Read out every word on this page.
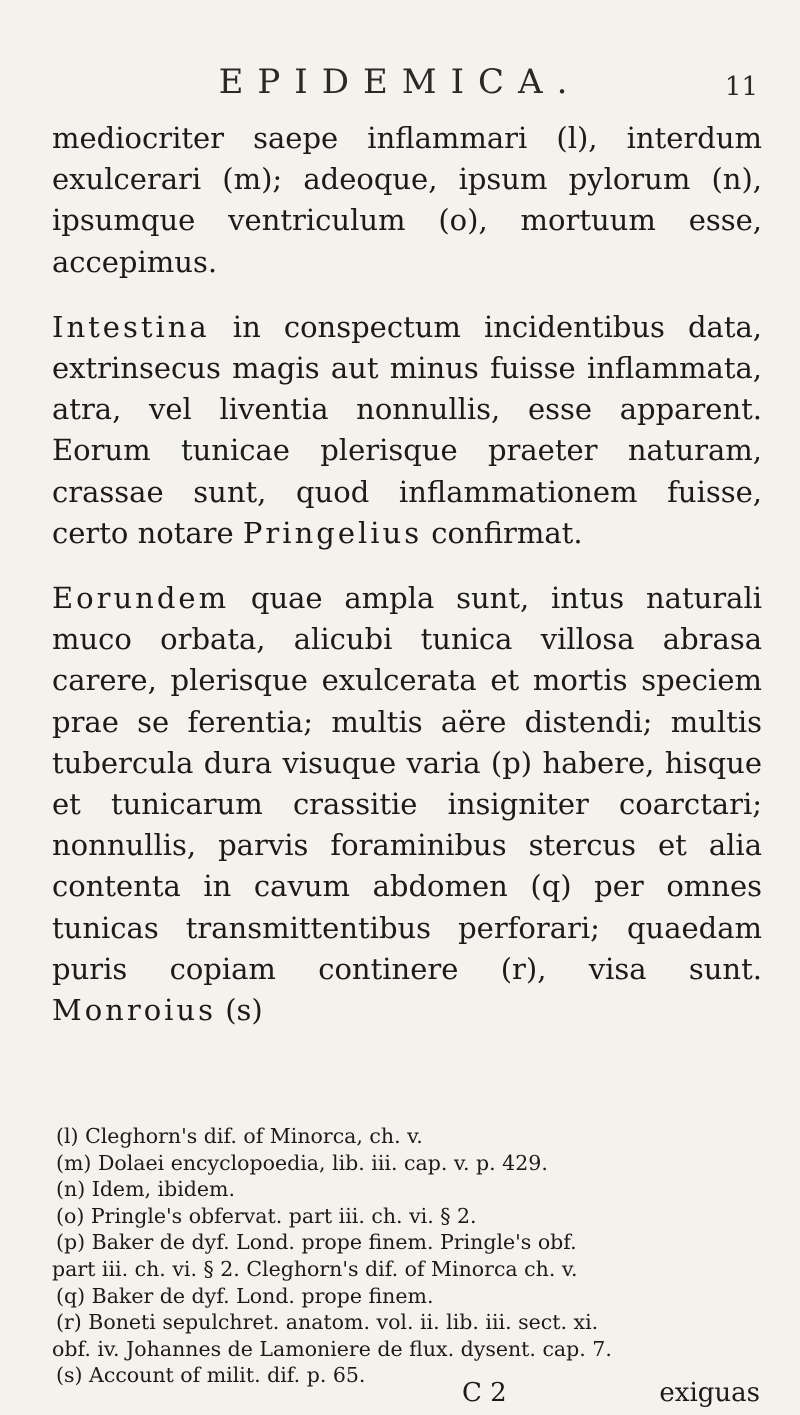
EPIDEMICA.	11

mediocriter saepe inflammari (l), interdum exulcerari (m); adeoque, ipsum pylorum (n), ipsumque ventriculum (o), mortuum esse, accepimus.

Intestina in conspectum incidentibus data, extrinsecus magis aut minus fuisse inflammata, atra, vel liventia nonnullis, esse apparent. Eorum tunicae plerisque praeter naturam, crassae sunt, quod inflammationem fuisse, certo notare Pringelius confirmat.

Eorundem quae ampla sunt, intus naturali muco orbata, alicubi tunica villosa abrasa carere, plerisque exulcerata et mortis speciem prae se ferentia; multis aëre distendi; multis tubercula dura visuque varia (p) habere, hisque et tunicarum crassitie insigniter coarctari; nonnullis, parvis foraminibus stercus et alia contenta in cavum abdomen (q) per omnes tunicas transmittentibus perforari; quaedam puris copiam continere (r), visa sunt. Monroius (s)

(l) Cleghorn's dif. of Minorca, ch. v.

(m) Dolaei encyclopoedia, lib. iii. cap. v. p. 429.

(n) Idem, ibidem.

(o) Pringle's obfervat. part iii. ch. vi. § 2.

(p) Baker de dyf. Lond. prope finem. Pringle's obf.

part iii. ch. vi. § 2. Cleghorn's dif. of Minorca ch. v.

(q) Baker de dyf. Lond. prope finem.

(r) Boneti sepulchret. anatom. vol. ii. lib. iii. sect. xi.

obf. iv. Johannes de Lamoniere de flux. dysent. cap. 7.

(s) Account of milit. dif. p. 65.

C 2	exiguas
